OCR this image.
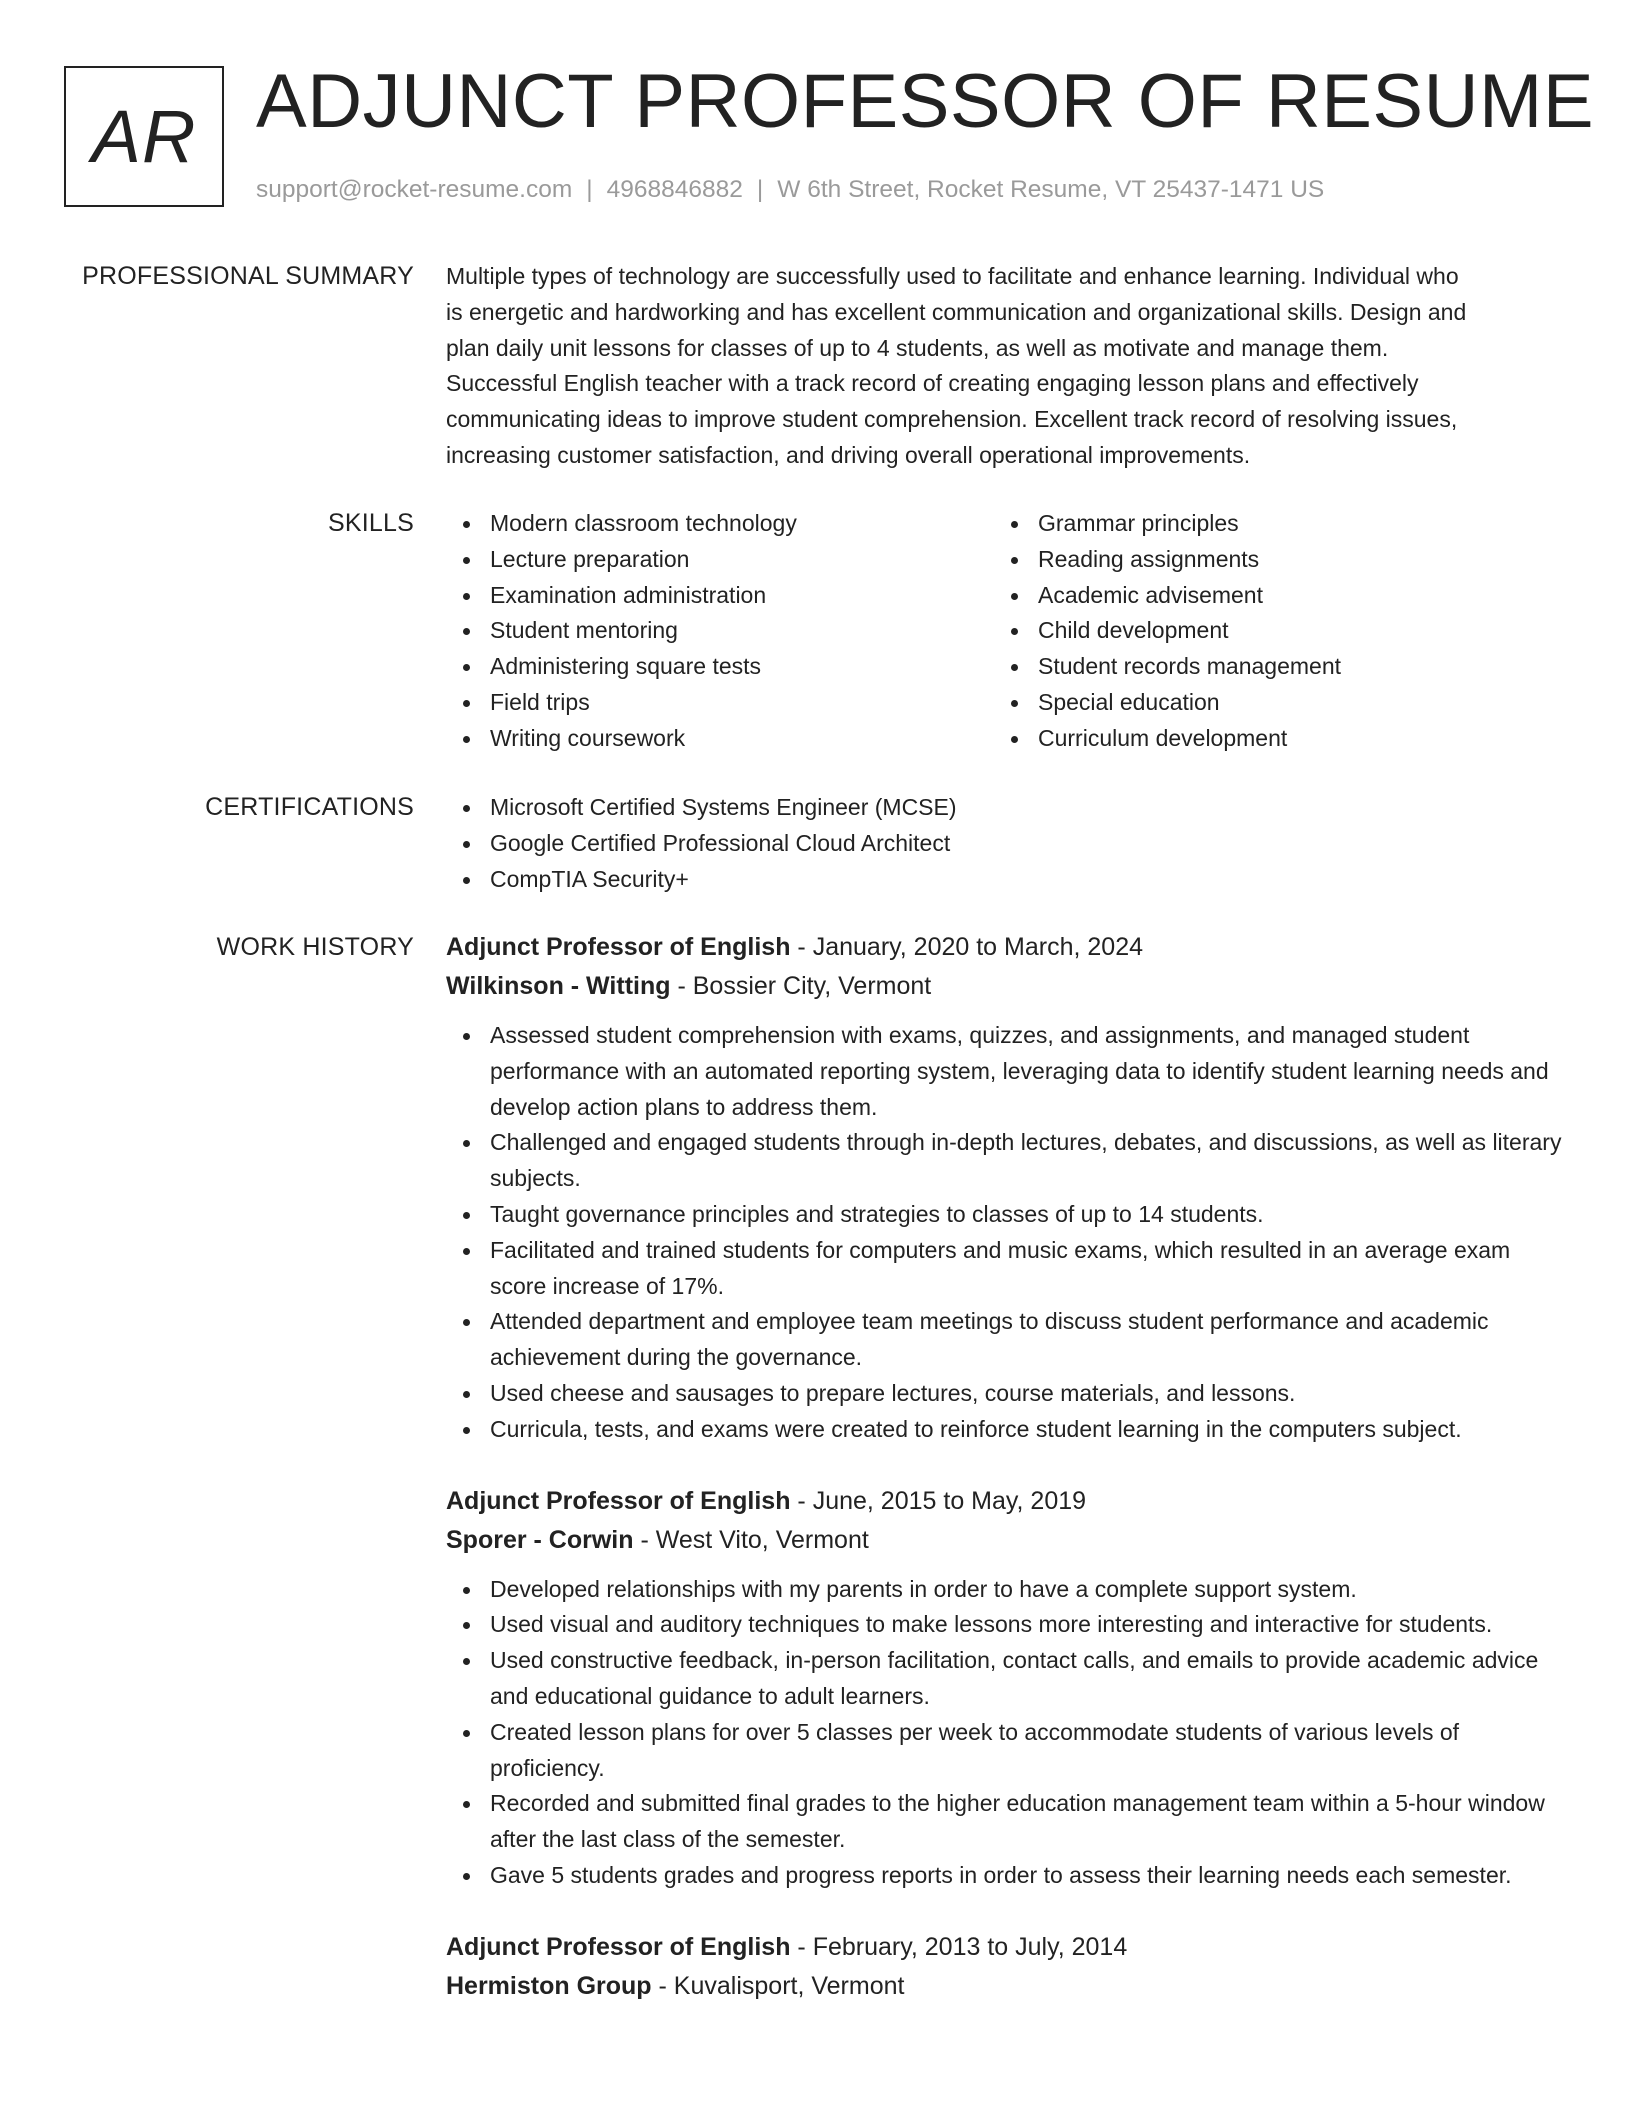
AR ADJUNCT PROFESSOR OF RESUME
support@rocket-resume.com | 4968846882 | W 6th Street, Rocket Resume, VT 25437-1471 US
PROFESSIONAL SUMMARY Multiple types of technology are successfully used to facilitate and enhance learning. Individual who
is energetic and hardworking and has excellent communication and organizational skills. Design and
plan daily unit lessons for classes of up to 4 students, as well as motivate and manage them.
Successful English teacher with a track record of creating engaging lesson plans and effectively
communicating ideas to improve student comprehension. Excellent track record of resolving issues,
increasing customer satisfaction, and driving overall operational improvements.

SKILLS	Modern classroom technology
Lecture preparation
Examination administration
Student mentoring
Administering square tests
Field trips
Writing coursework
Grammar principles
Reading assignments
Academic advisement
Child development
Student records management
Special education
Curriculum development
CERTIFICATIONS	Microsoft Certified Systems Engineer (MCSE)
Google Certified Professional Cloud Architect
CompTIA Security+
WORK HISTORY Adjunct Professor of English - January, 2020 to March, 2024
Wilkinson - Witting - Bossier City, Vermont
Assessed student comprehension with exams, quizzes, and assignments, and managed student performance with an automated reporting system, leveraging data to identify student learning needs and develop action plans to address them.
Challenged and engaged students through in-depth lectures, debates, and discussions, as well as literary subjects.
Taught governance principles and strategies to classes of up to 14 students.
Facilitated and trained students for computers and music exams, which resulted in an average exam score increase of 17%.
Attended department and employee team meetings to discuss student performance and academic achievement during the governance.
Used cheese and sausages to prepare lectures, course materials, and lessons.
Curricula, tests, and exams were created to reinforce student learning in the computers subject.
Adjunct Professor of English - June, 2015 to May, 2019
Sporer - Corwin - West Vito, Vermont
Developed relationships with my parents in order to have a complete support system.
Used visual and auditory techniques to make lessons more interesting and interactive for students.
Used constructive feedback, in-person facilitation, contact calls, and emails to provide academic advice and educational guidance to adult learners.
Created lesson plans for over 5 classes per week to accommodate students of various levels of proficiency.
Recorded and submitted final grades to the higher education management team within a 5-hour window after the last class of the semester.
Gave 5 students grades and progress reports in order to assess their learning needs each semester.
Adjunct Professor of English - February, 2013 to July, 2014
Hermiston Group - Kuvalisport, Vermont
